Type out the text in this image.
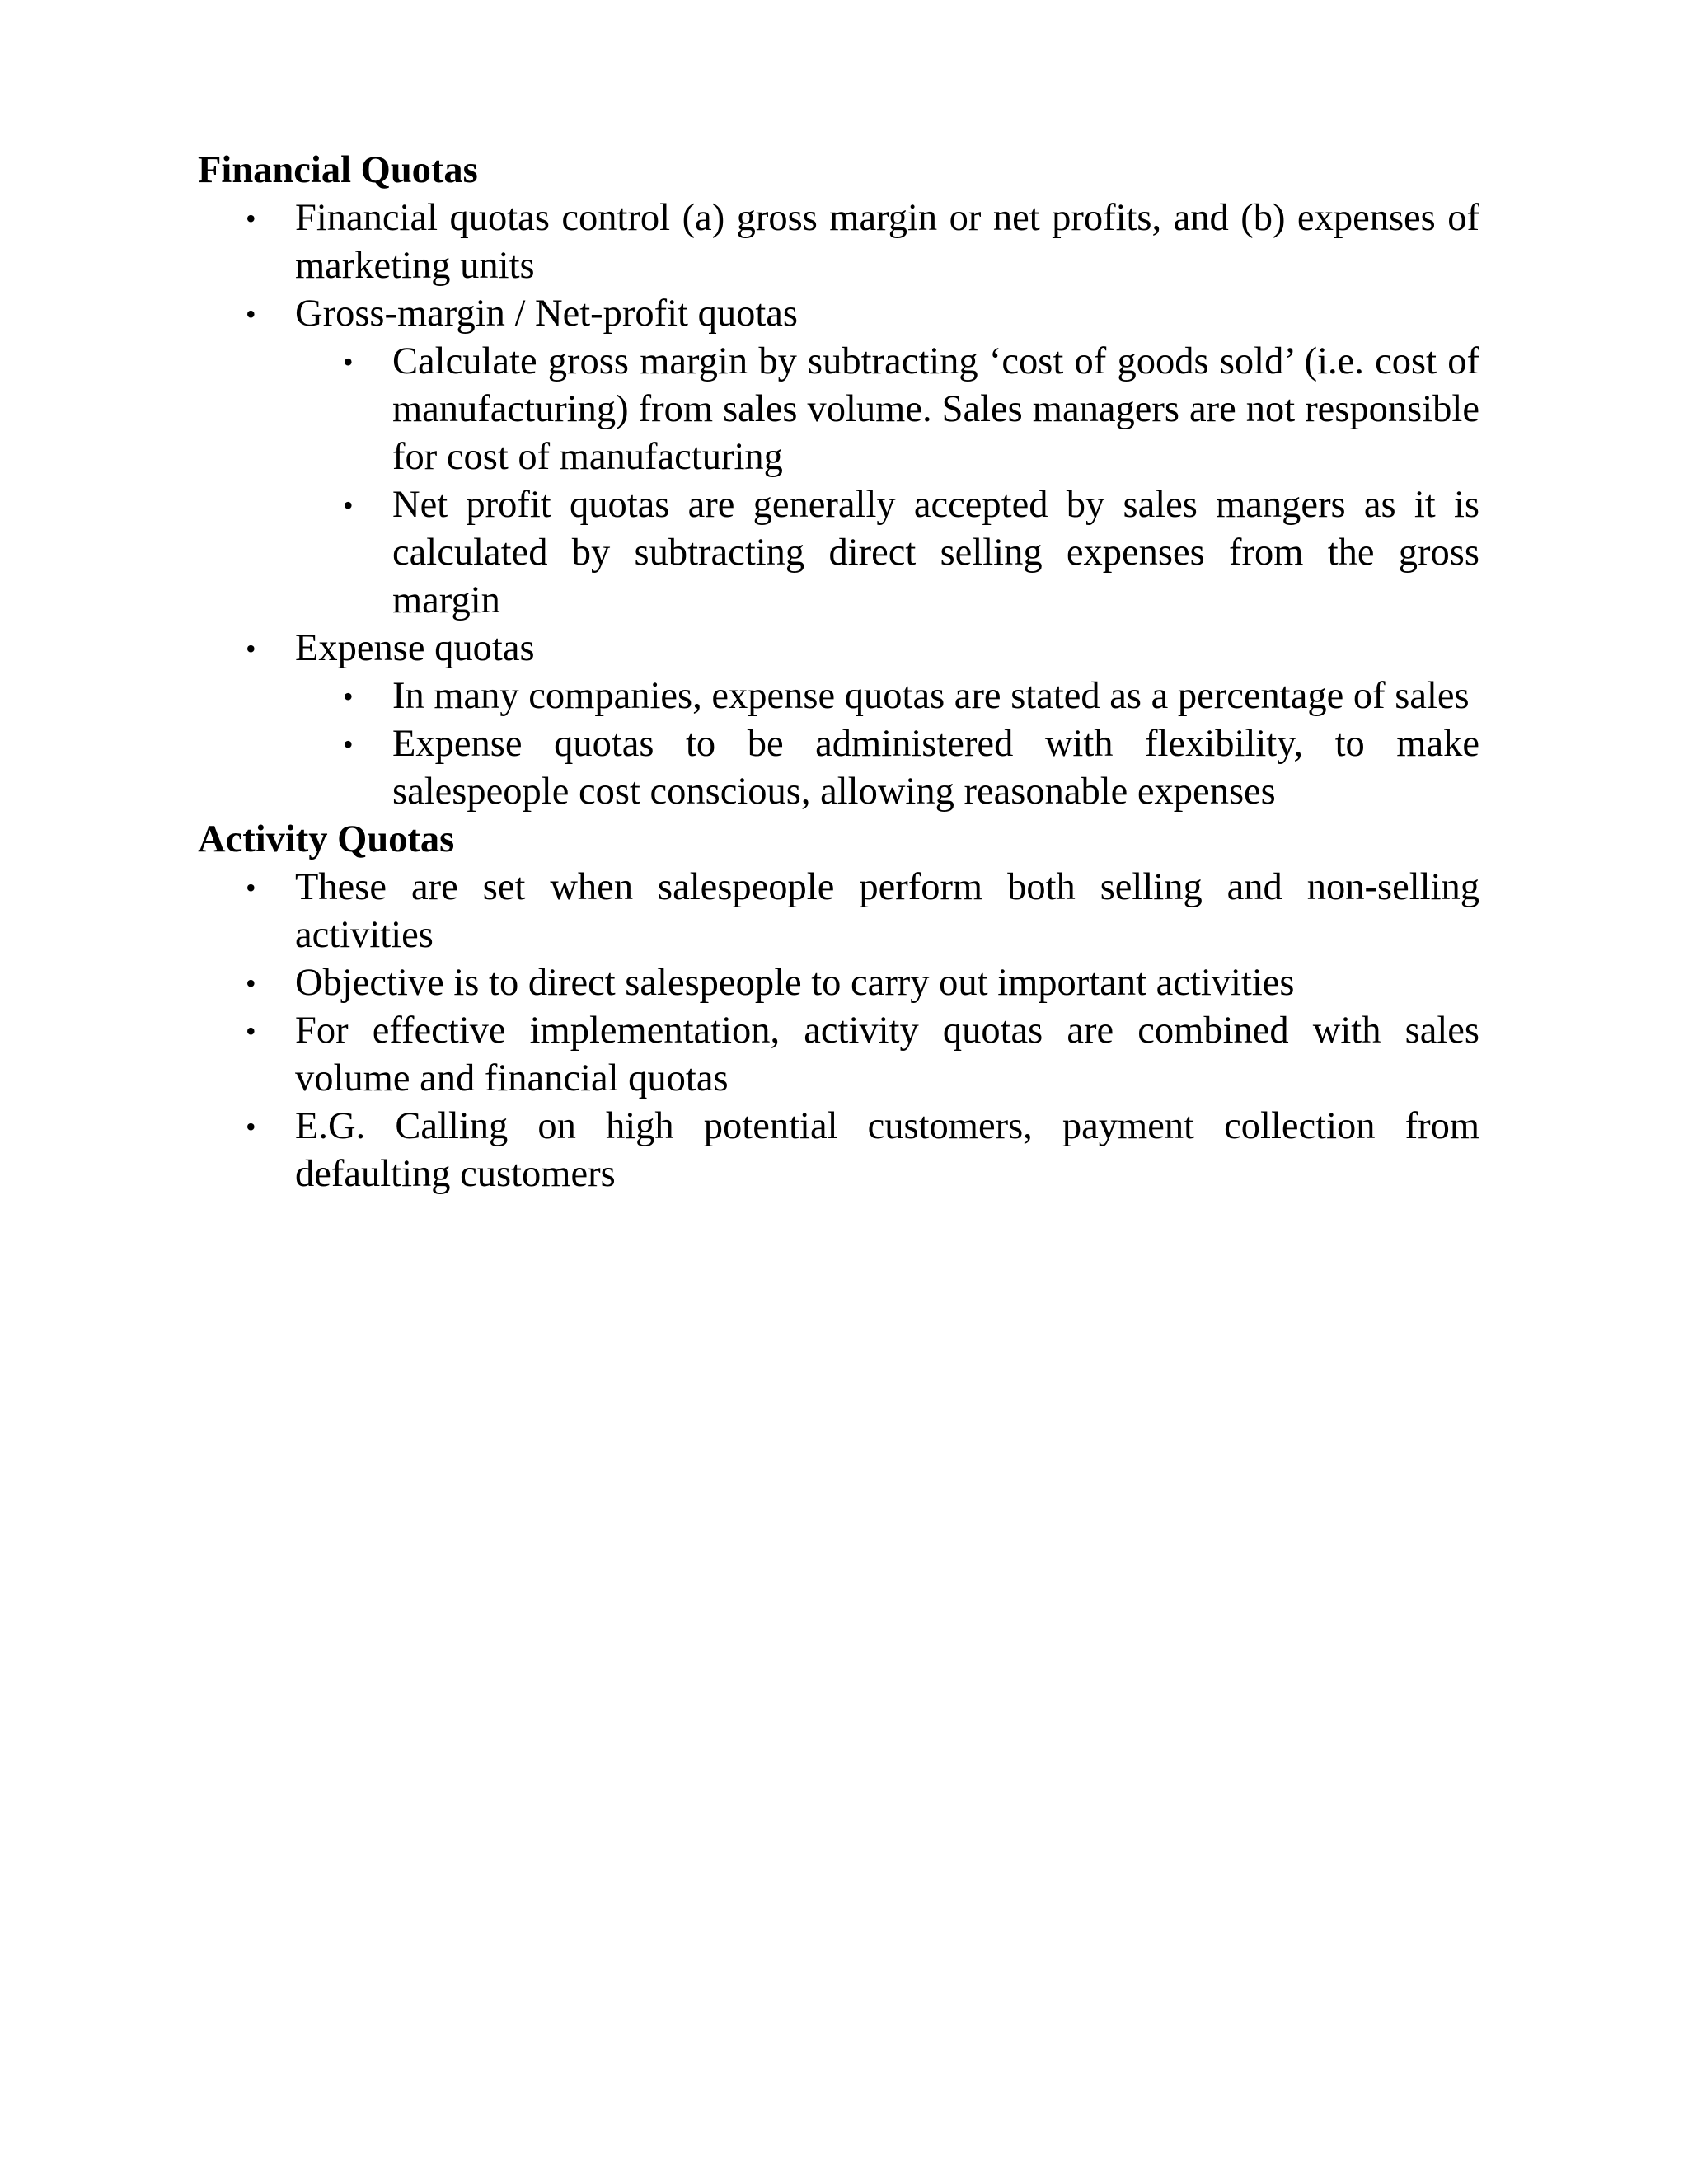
Financial Quotas

• Financial quotas control (a) gross margin or net profits, and (b) expenses of marketing units
• Gross-margin / Net-profit quotas
• Calculate gross margin by subtracting ‘cost of goods sold’ (i.e. cost of manufacturing) from sales volume. Sales managers are not responsible for cost of manufacturing
• Net profit quotas are generally accepted by sales mangers as it is calculated by subtracting direct selling expenses from the gross margin
• Expense quotas
• In many companies, expense quotas are stated as a percentage of sales
• Expense quotas to be administered with flexibility, to make salespeople cost conscious, allowing reasonable expenses

Activity Quotas

• These are set when salespeople perform both selling and non-selling activities
• Objective is to direct salespeople to carry out important activities
• For effective implementation, activity quotas are combined with sales volume and financial quotas
• E.G. Calling on high potential customers, payment collection from defaulting customers
